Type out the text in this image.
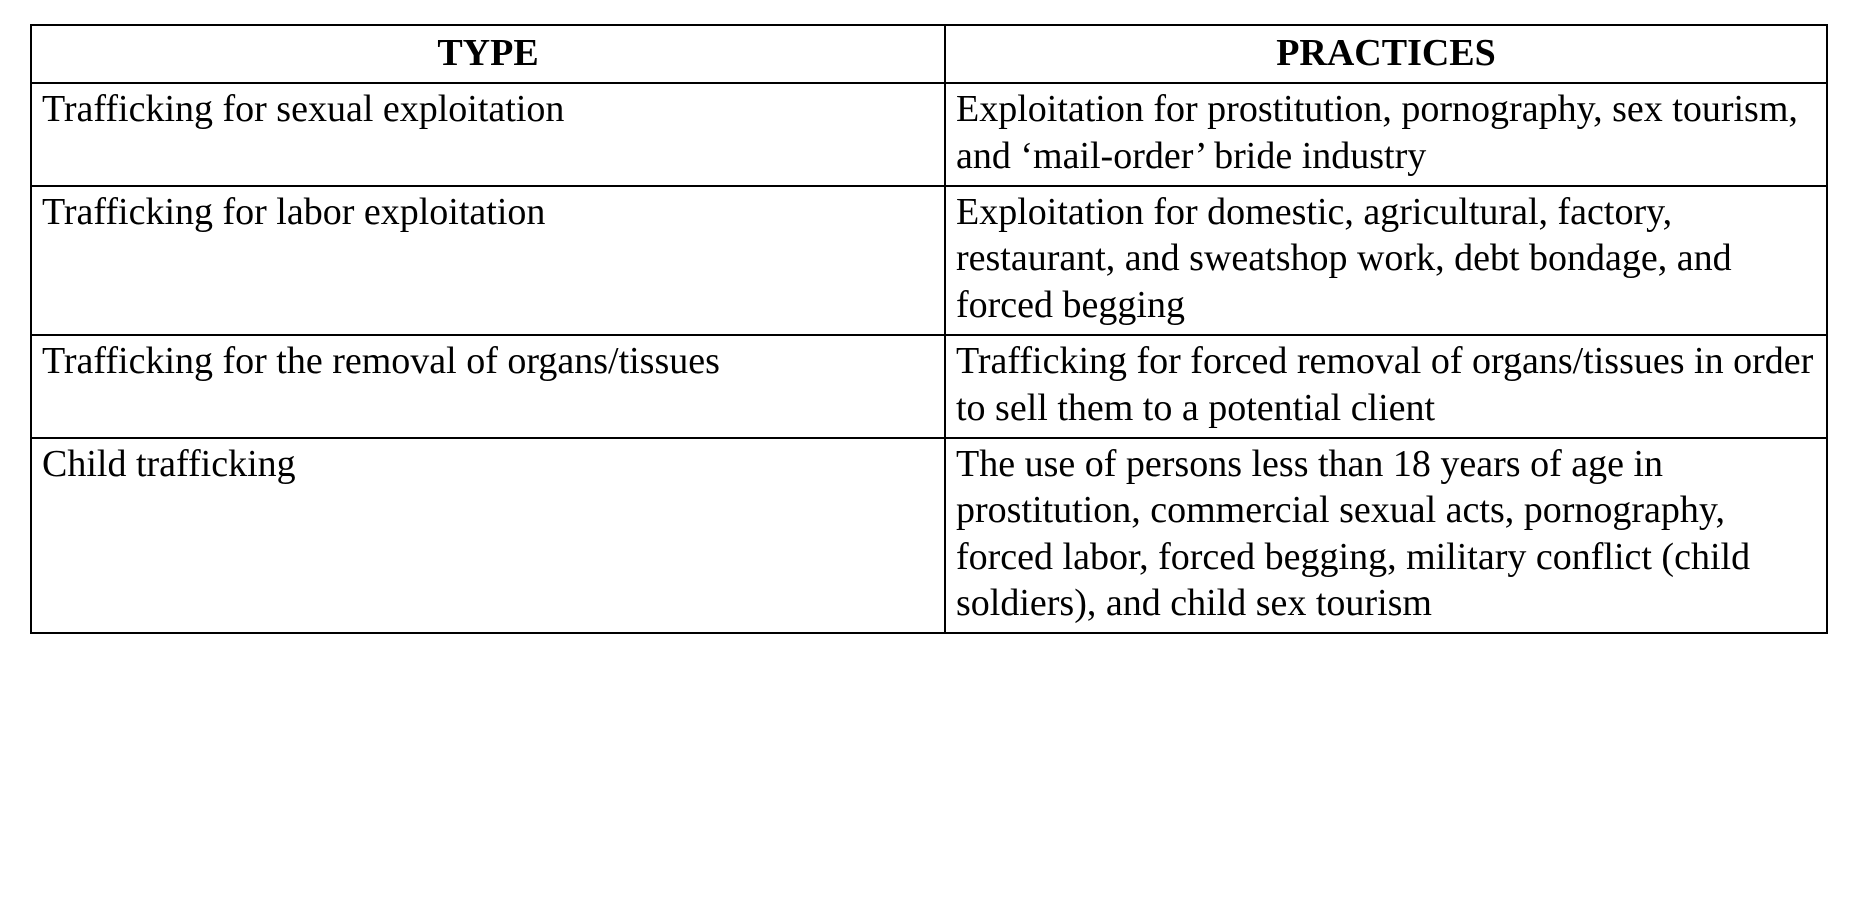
TYPE	PRACTICES

Trafficking for sexual exploitation	Exploitation for prostitution, pornography, sex tourism, and ‘mail-order’ bride industry

Trafficking for labor exploitation	Exploitation for domestic, agricultural, factory, restaurant, and sweatshop work, debt bondage, and forced begging

Trafficking for the removal of organs/tissues	Trafficking for forced removal of organs/tissues in order to sell them to a potential client

Child trafficking	The use of persons less than 18 years of age in prostitution, commercial sexual acts, pornography, forced labor, forced begging, military conflict (child soldiers), and child sex tourism
